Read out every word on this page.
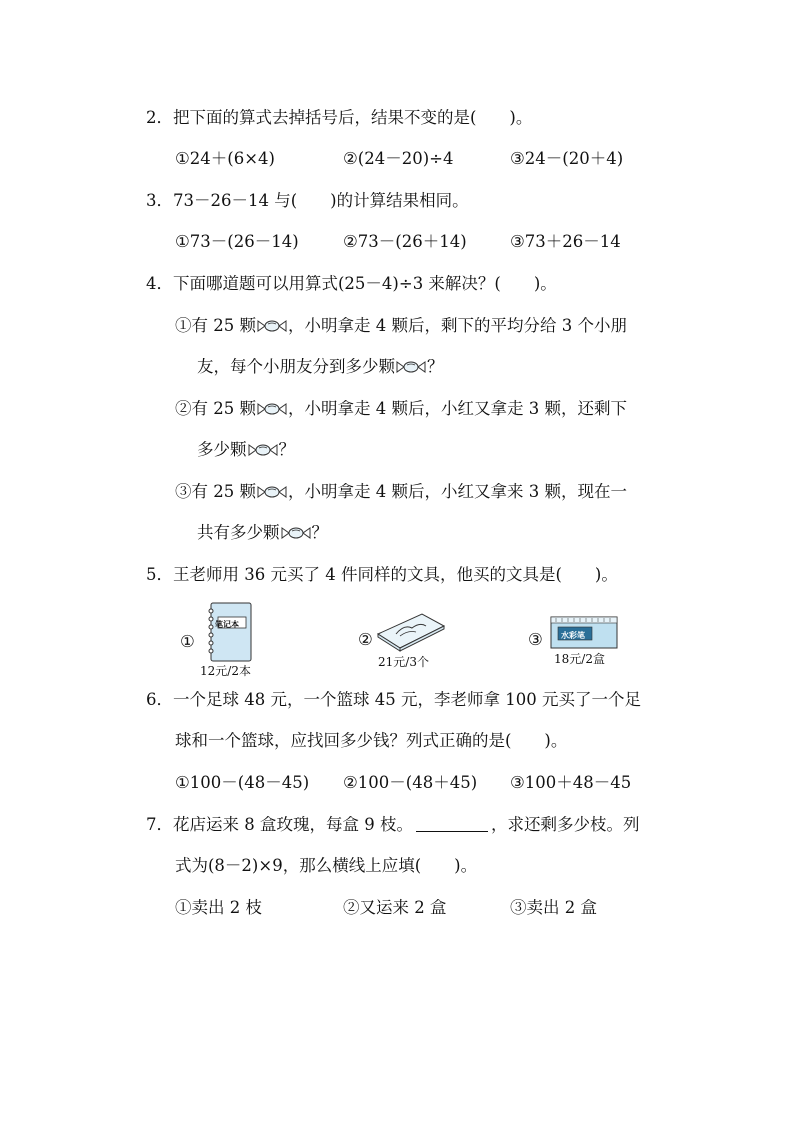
2．把下面的算式去掉括号后，结果不变的是(　　)。
①24＋(6×4)	②(24－20)÷4	③24－(20＋4)
3．73－26－14 与(　　)的计算结果相同。
①73－(26－14)	②73－(26＋14)	③73＋26－14
4．下面哪道题可以用算式(25－4)÷3 来解决？(　　)。
①有 25 颗 ，小明拿走 4 颗后，剩下的平均分给 3 个小朋
友，每个小朋友分到多少颗 ？
②有 25 颗 ，小明拿走 4 颗后，小红又拿走 3 颗，还剩下
多少颗 ？
③有 25 颗 ，小明拿走 4 颗后，小红又拿来 3 颗，现在一
共有多少颗 ？
5．王老师用 36 元买了 4 件同样的文具，他买的文具是(　　)。
①
笔记本
12元/2本
②
21元/3个
③ 水彩笔
18元/2盒
6．一个足球 48 元，一个篮球 45 元，李老师拿 100 元买了一个足
球和一个篮球，应找回多少钱？列式正确的是(　　)。
①100－(48－45) ②100－(48＋45) ③100＋48－45
7．花店运来 8 盒玫瑰，每盒 9 枝。	，求还剩多少枝。列
式为(8－2)×9，那么横线上应填(　　)。
①卖出 2 枝	②又运来 2 盒	③卖出 2 盒
